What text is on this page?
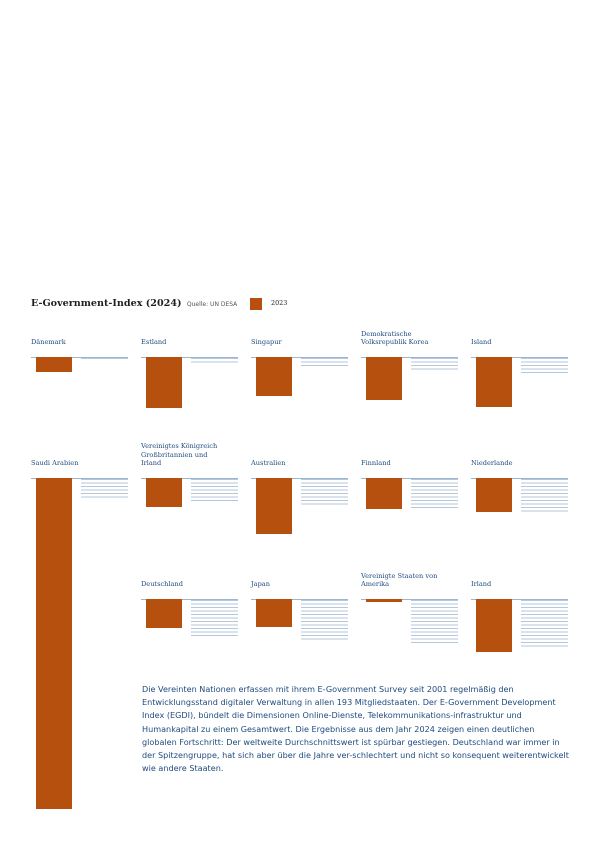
E-Government-Index (2024) Quelle: UN DESA	2023
Dänemark	Estland	Singapur
Demokratische
Volksrepublik Korea	Island
Saudi Arabien
Vereinigtes Königreich
Großbritannien und
Irland	Australien	Finnland	Niederlande
Deutschland	Japan
Vereinigte Staaten von
Amerika	Irland

Die Vereinten Nationen erfassen mit ihrem E-Government Survey seit 2001 regelmäßig den Entwicklungsstand digitaler Verwaltung in allen 193 Mitgliedstaaten. Der E-Government Development Index (EGDI), bündelt die Dimensionen Online-Dienste, Telekommunikations-infrastruktur und Humankapital zu einem Gesamtwert. Die Ergebnisse aus dem Jahr 2024 zeigen einen deutlichen globalen Fortschritt: Der weltweite Durchschnittswert ist spürbar gestiegen. Deutschland war immer in der Spitzengruppe, hat sich aber über die Jahre ver-schlechtert und nicht so konsequent weiterentwickelt wie andere Staaten.
